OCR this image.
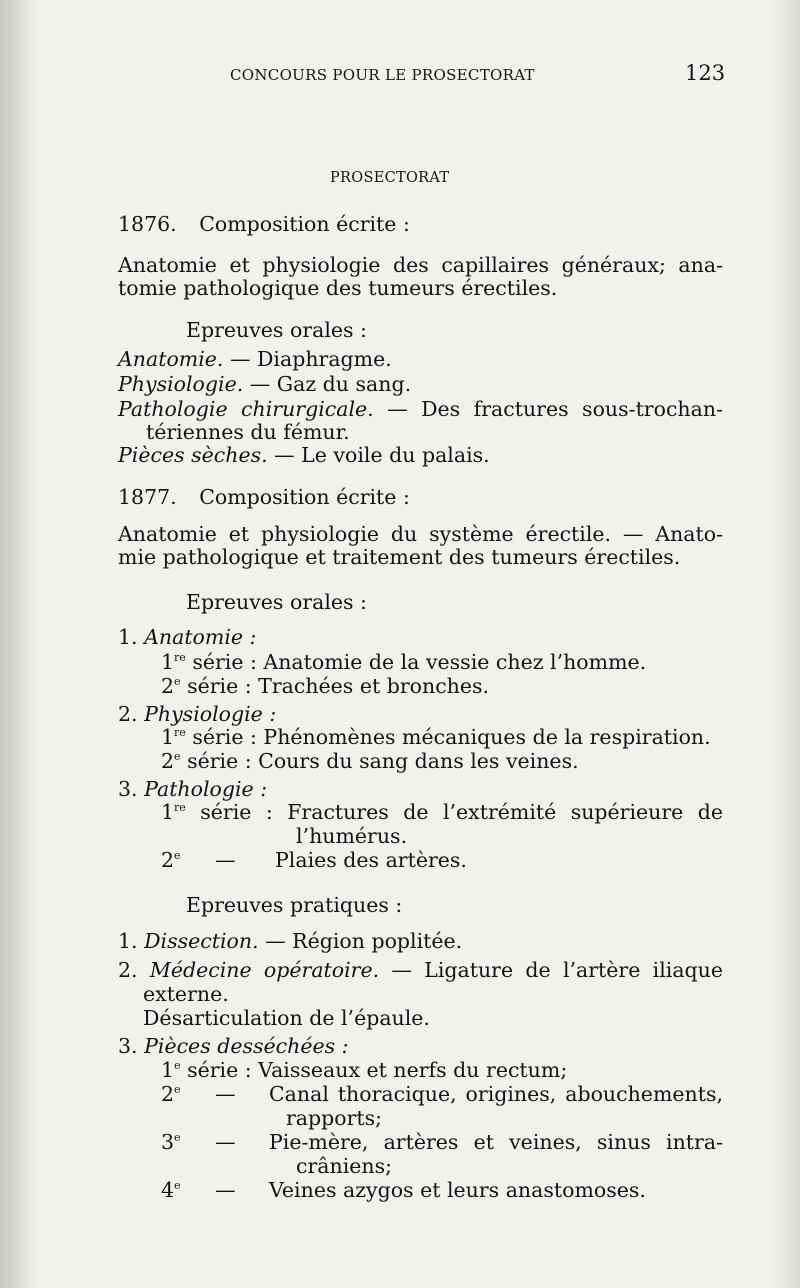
CONCOURS POUR LE PROSECTORAT	123
PROSECTORAT
1876. Composition écrite :
Anatomie et physiologie des capillaires généraux; ana-
tomie pathologique des tumeurs érectiles.
Epreuves orales :
Anatomie. — Diaphragme.
Physiologie. — Gaz du sang.
Pathologie chirurgicale. — Des fractures sous-trochan-
tériennes du fémur.
Pièces sèches. — Le voile du palais.
1877. Composition écrite :
Anatomie et physiologie du système érectile. — Anato-
mie pathologique et traitement des tumeurs érectiles.
Epreuves orales :
1. Anatomie :
1re série : Anatomie de la vessie chez l’homme.
2e série : Trachées et bronches.
2. Physiologie :
1re série : Phénomènes mécaniques de la respiration.
2e série : Cours du sang dans les veines.
3. Pathologie :
1re série : Fractures de l’extrémité supérieure de
l’humérus.
2e — Plaies des artères.
Epreuves pratiques :
1. Dissection. — Région poplitée.
2. Médecine opératoire. — Ligature de l’artère iliaque
externe.
Désarticulation de l’épaule.
3. Pièces desséchées :
1e série : Vaisseaux et nerfs du rectum;
2e — Canal thoracique, origines, abouchements,
rapports;
3e — Pie-mère, artères et veines, sinus intra-
crâniens;
4e — Veines azygos et leurs anastomoses.
